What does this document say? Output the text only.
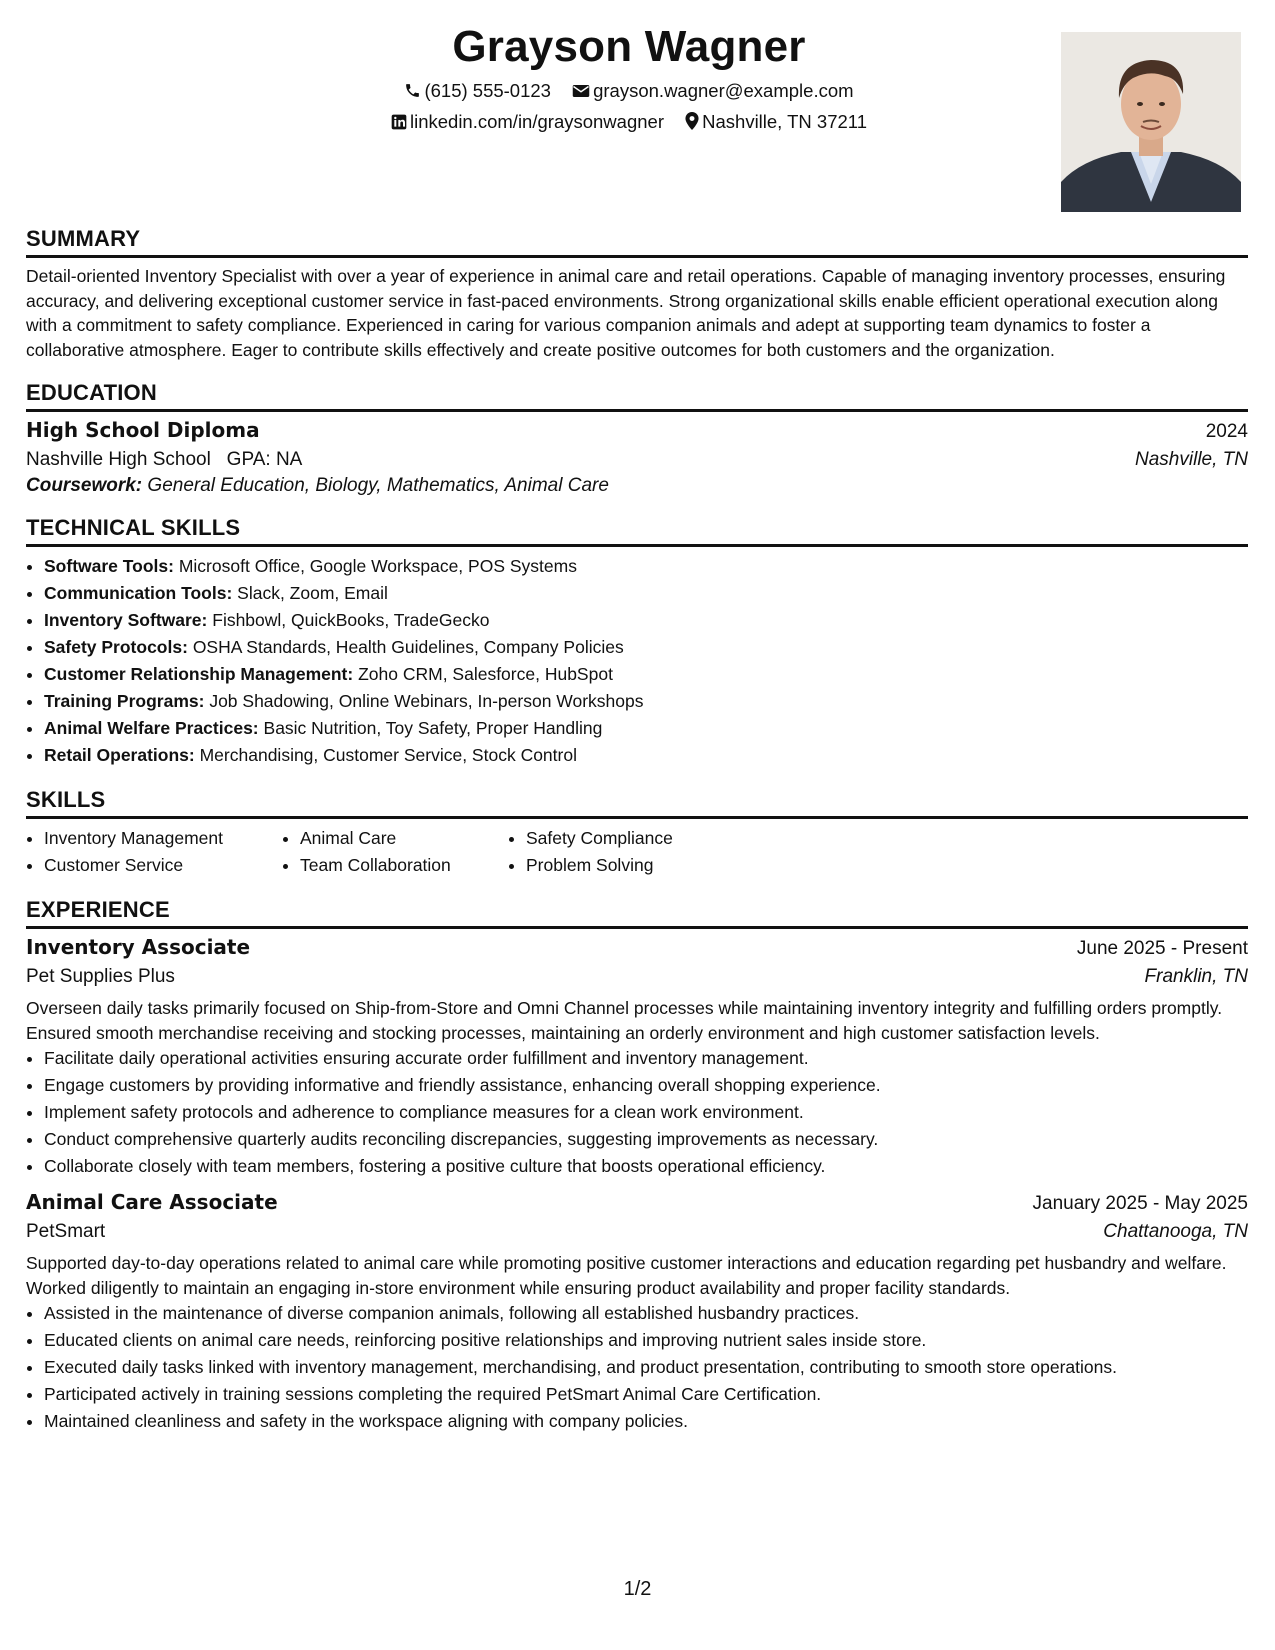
Grayson Wagner
(615) 555-0123 grayson.wagner@example.com
linkedin.com/in/graysonwagner Nashville, TN 37211
SUMMARY

Detail-oriented Inventory Specialist with over a year of experience in animal care and retail operations. Capable of managing inventory processes, ensuring accuracy, and delivering exceptional customer service in fast-paced environments. Strong organizational skills enable efficient operational execution along with a commitment to safety compliance. Experienced in caring for various companion animals and adept at supporting team dynamics to foster a collaborative atmosphere. Eager to contribute skills effectively and create positive outcomes for both customers and the organization.

EDUCATION
High School Diploma	2024
Nashville High School GPA: NA	Nashville, TN
Coursework: General Education, Biology, Mathematics, Animal Care
TECHNICAL SKILLS
• Software Tools: Microsoft Office, Google Workspace, POS Systems
• Communication Tools: Slack, Zoom, Email
• Inventory Software: Fishbowl, QuickBooks, TradeGecko
• Safety Protocols: OSHA Standards, Health Guidelines, Company Policies
• Customer Relationship Management: Zoho CRM, Salesforce, HubSpot
• Training Programs: Job Shadowing, Online Webinars, In-person Workshops
• Animal Welfare Practices: Basic Nutrition, Toy Safety, Proper Handling
• Retail Operations: Merchandising, Customer Service, Stock Control
SKILLS
• Inventory Management
• Customer Service
• Animal Care
• Team Collaboration
• Safety Compliance
• Problem Solving
EXPERIENCE
Inventory Associate	June 2025 - Present
Pet Supplies Plus	Franklin, TN

Overseen daily tasks primarily focused on Ship-from-Store and Omni Channel processes while maintaining inventory integrity and fulfilling orders promptly. Ensured smooth merchandise receiving and stocking processes, maintaining an orderly environment and high customer satisfaction levels.

• Facilitate daily operational activities ensuring accurate order fulfillment and inventory management.
• Engage customers by providing informative and friendly assistance, enhancing overall shopping experience.
• Implement safety protocols and adherence to compliance measures for a clean work environment.
• Conduct comprehensive quarterly audits reconciling discrepancies, suggesting improvements as necessary.
• Collaborate closely with team members, fostering a positive culture that boosts operational efficiency.
Animal Care Associate	January 2025 - May 2025
PetSmart	Chattanooga, TN

Supported day-to-day operations related to animal care while promoting positive customer interactions and education regarding pet husbandry and welfare. Worked diligently to maintain an engaging in-store environment while ensuring product availability and proper facility standards.

• Assisted in the maintenance of diverse companion animals, following all established husbandry practices.
• Educated clients on animal care needs, reinforcing positive relationships and improving nutrient sales inside store.
• Executed daily tasks linked with inventory management, merchandising, and product presentation, contributing to smooth store operations.
• Participated actively in training sessions completing the required PetSmart Animal Care Certification.
• Maintained cleanliness and safety in the workspace aligning with company policies.
1/2
